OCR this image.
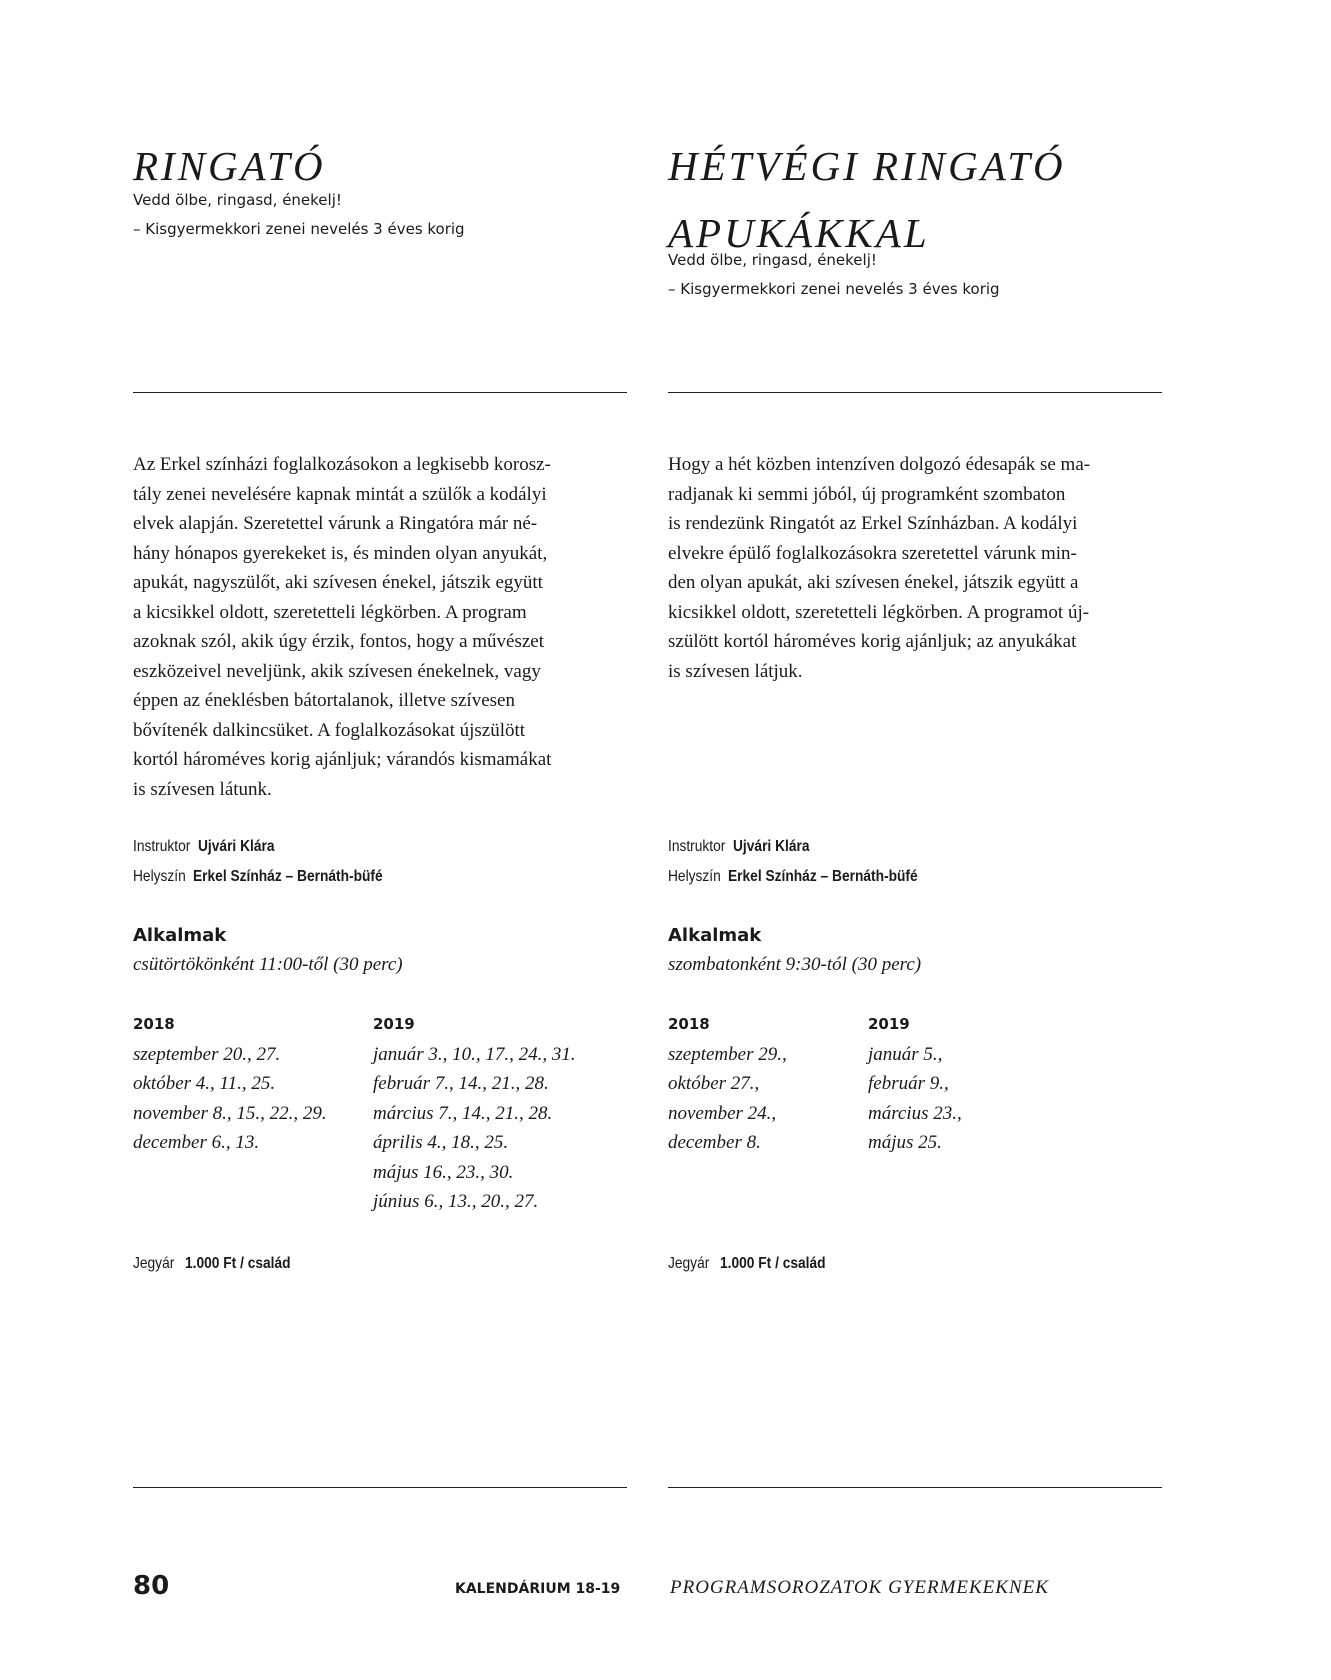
RINGATÓ
Vedd ölbe, ringasd, énekelj!
– Kisgyermekkori zenei nevelés 3 éves korig
Az Erkel színházi foglalkozásokon a legkisebb korosz-
tály zenei nevelésére kapnak mintát a szülők a kodályi
elvek alapján. Szeretettel várunk a Ringatóra már né-
hány hónapos gyerekeket is, és minden olyan anyukát,
apukát, nagyszülőt, aki szívesen énekel, játszik együtt
a kicsikkel oldott, szeretetteli légkörben. A program
azoknak szól, akik úgy érzik, fontos, hogy a művészet
eszközeivel neveljünk, akik szívesen énekelnek, vagy
éppen az éneklésben bátortalanok, illetve szívesen
bővítenék dalkincsüket. A foglalkozásokat újszülött
kortól hároméves korig ajánljuk; várandós kismamákat
is szívesen látunk.
Instruktor Ujvári Klára
Helyszín Erkel Színház – Bernáth-büfé
Alkalmak
csütörtökönként 11:00-től (30 perc)
2018
szeptember 20., 27.
október 4., 11., 25.
november 8., 15., 22., 29.
december 6., 13.
2019
január 3., 10., 17., 24., 31.
február 7., 14., 21., 28.
március 7., 14., 21., 28.
április 4., 18., 25.
május 16., 23., 30.
június 6., 13., 20., 27.
Jegyár 1.000 Ft / család
HÉTVÉGI RINGATÓ
APUKÁKKAL
Vedd ölbe, ringasd, énekelj!
– Kisgyermekkori zenei nevelés 3 éves korig
Hogy a hét közben intenzíven dolgozó édesapák se ma-
radjanak ki semmi jóból, új programként szombaton
is rendezünk Ringatót az Erkel Színházban. A kodályi
elvekre épülő foglalkozásokra szeretettel várunk min-
den olyan apukát, aki szívesen énekel, játszik együtt a
kicsikkel oldott, szeretetteli légkörben. A programot új-
szülött kortól hároméves korig ajánljuk; az anyukákat
is szívesen látjuk.
Instruktor Ujvári Klára
Helyszín Erkel Színház – Bernáth-büfé
Alkalmak
szombatonként 9:30-tól (30 perc)
2018
szeptember 29.,
október 27.,
november 24.,
december 8.
2019
január 5.,
február 9.,
március 23.,
május 25.
Jegyár 1.000 Ft / család
80	KALENDÁRIUM 18-19	PROGRAMSOROZATOK GYERMEKEKNEK
